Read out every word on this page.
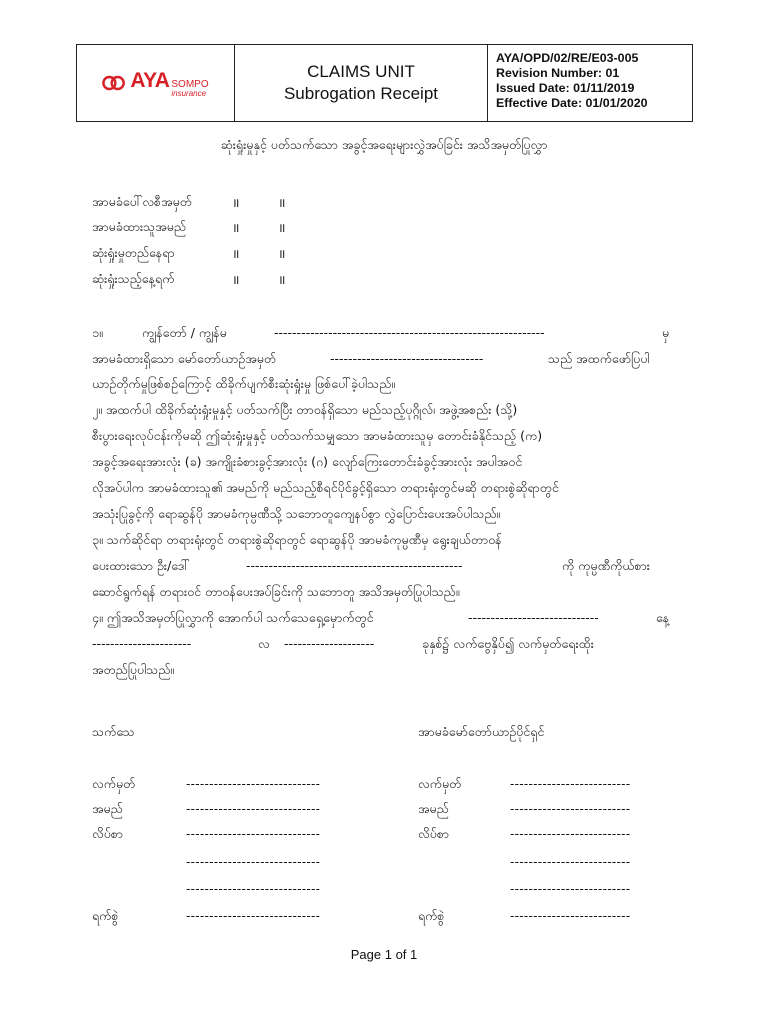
AYA SOMPO
insurance
CLAIMS UNIT
Subrogation Receipt
AYA/OPD/02/RE/E03-005
Revision Number: 01
Issued Date: 01/11/2019
Effective Date: 01/01/2020
ဆုံးရှုံးမှုနှင့် ပတ်သက်သော အခွင့်အရေးများလွှဲအပ်ခြင်း အသိအမှတ်ပြုလွှာ
အာမခံပေါ်လစီအမှတ်	॥	॥
အာမခံထားသူအမည်	॥	॥
ဆုံးရှုံးမှုတည်နေရာ	॥	॥
ဆုံးရှုံးသည့်နေ့ရက်	॥	॥
၁။	ကျွန်တော် / ကျွန်မ	------------------------------------------------------------	မှ
အာမခံထားရှိသော မော်တော်ယာဉ်အမှတ်	----------------------------------	သည် အထက်ဖော်ပြပါ
ယာဉ်တိုက်မှုဖြစ်စဉ်ကြောင့် ထိခိုက်ပျက်စီးဆုံးရှုံးမှု ဖြစ်ပေါ်ခဲ့ပါသည်။
၂။ အထက်ပါ ထိခိုက်ဆုံးရှုံးမှုနှင့် ပတ်သက်ပြီး တာဝန်ရှိသော မည်သည့်ပုဂ္ဂိုလ်၊ အဖွဲ့အစည်း (သို့)
စီးပွားရေးလုပ်ငန်းကိုမဆို ဤဆုံးရှုံးမှုနှင့် ပတ်သက်သမျှသော အာမခံထားသူမှ တောင်းခံနိုင်သည့် (က)
အခွင့်အရေးအားလုံး (ခ) အကျိုးခံစားခွင့်အားလုံး (ဂ) လျော်ကြေးတောင်းခံခွင့်အားလုံး အပါအဝင်
လိုအပ်ပါက အာမခံထားသူ၏ အမည်ကို မည်သည့်စီရင်ပိုင်ခွင့်ရှိသော တရားရုံးတွင်မဆို တရားစွဲဆိုရာတွင်
အသုံးပြုခွင့်ကို ရောဆွန်ပို အာမခံကုမ္ပဏီသို့ သဘောတူကျေနပ်စွာ လွှဲပြောင်းပေးအပ်ပါသည်။
၃။ သက်ဆိုင်ရာ တရားရုံးတွင် တရားစွဲဆိုရာတွင် ရောဆွန်ပို အာမခံကုမ္ပဏီမှ ရွေးချယ်တာဝန်
ပေးထားသော ဦး/ဒေါ်	------------------------------------------------	ကို ကုမ္ပဏီကိုယ်စား
ဆောင်ရွက်ရန် တရားဝင် တာဝန်ပေးအပ်ခြင်းကို သဘောတူ အသိအမှတ်ပြုပါသည်။
၄။ ဤအသိအမှတ်ပြုလွှာကို အောက်ပါ သက်သေရှေ့မှောက်တွင်	-----------------------------	နေ့
----------------------	လ --------------------	ခုနှစ်၌ လက်ဗွေနှိပ်၍ လက်မှတ်ရေးထိုး
အတည်ပြုပါသည်။
သက်သေ	အာမခံမော်တော်ယာဉ်ပိုင်ရှင်
လက်မှတ်	-----------------------------
အမည်	-----------------------------
လိပ်စာ	-----------------------------
-----------------------------
-----------------------------
ရက်စွဲ	-----------------------------
လက်မှတ်	--------------------------
အမည်	--------------------------
လိပ်စာ	--------------------------
--------------------------
--------------------------
ရက်စွဲ	--------------------------
Page 1 of 1
